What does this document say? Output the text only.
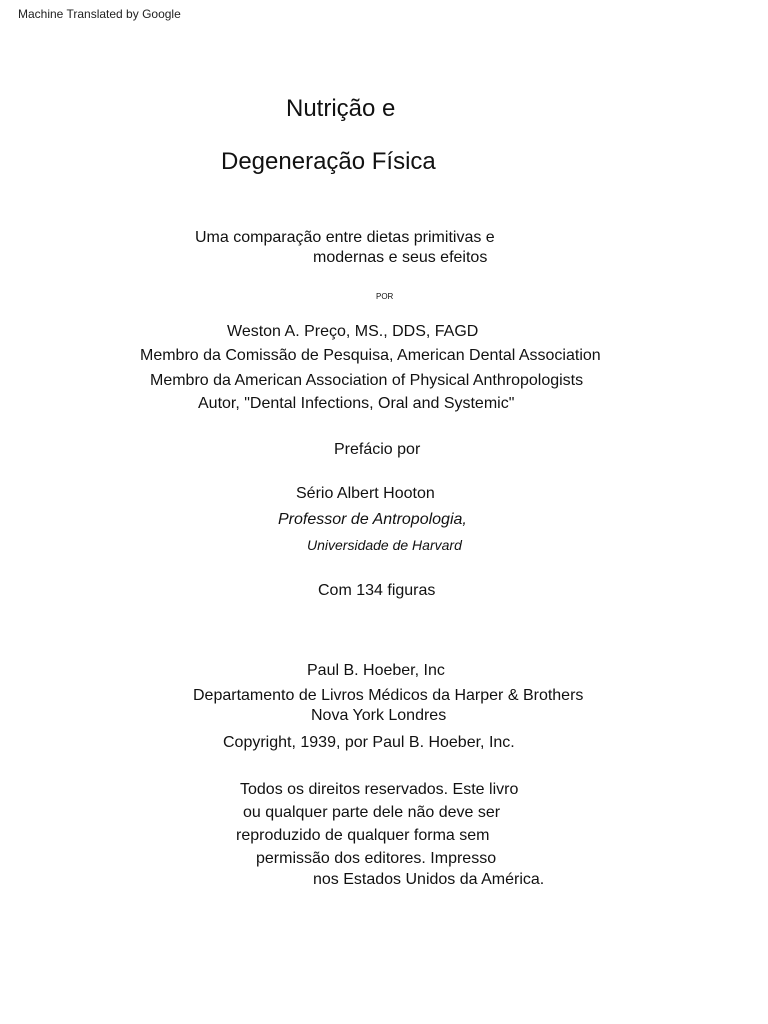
Machine Translated by Google
Nutrição e
Degeneração Física
Uma comparação entre dietas primitivas e
modernas e seus efeitos
POR
Weston A. Preço, MS., DDS, FAGD
Membro da Comissão de Pesquisa, American Dental Association
Membro da American Association of Physical Anthropologists
Autor, "Dental Infections, Oral and Systemic"
Prefácio por
Sério Albert Hooton
Professor de Antropologia,
Universidade de Harvard
Com 134 figuras
Paul B. Hoeber, Inc
Departamento de Livros Médicos da Harper & Brothers
Nova York Londres
Copyright, 1939, por Paul B. Hoeber, Inc.
Todos os direitos reservados. Este livro
ou qualquer parte dele não deve ser
reproduzido de qualquer forma sem
permissão dos editores. Impresso
nos Estados Unidos da América.
